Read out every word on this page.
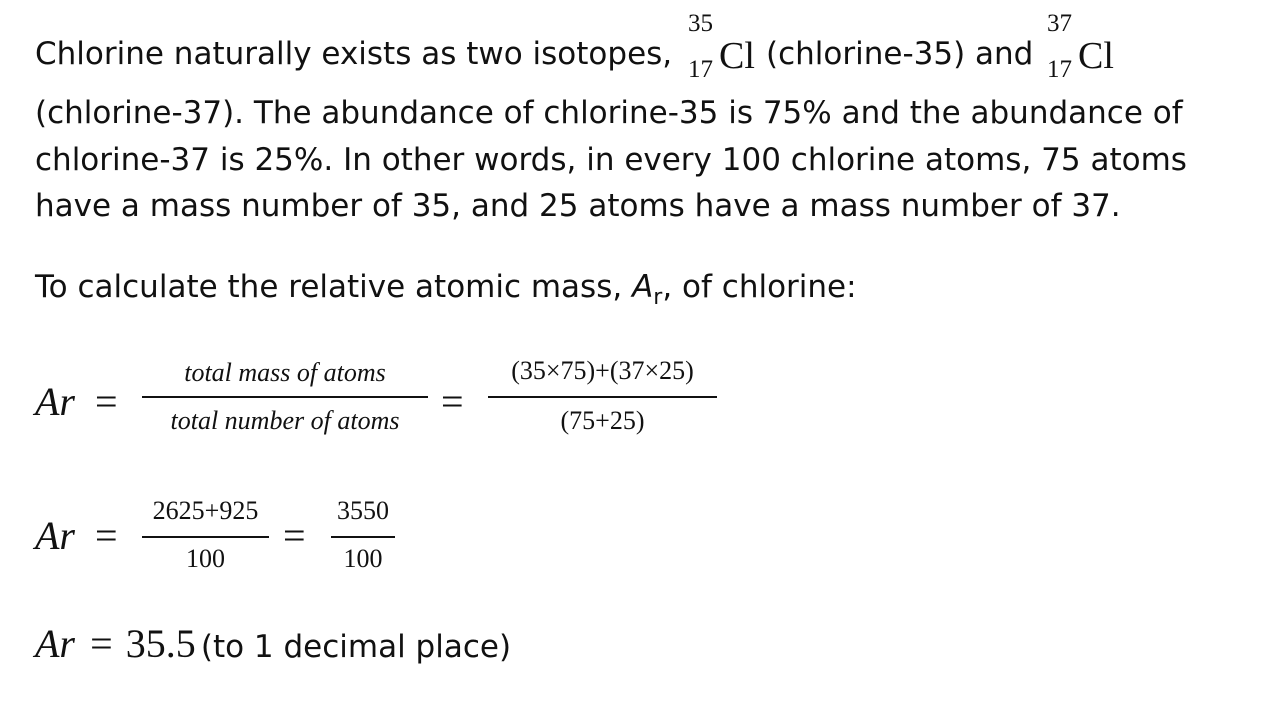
Chlorine naturally exists as two isotopes,
35
17 Cl (chlorine-35) and
37
17 Cl
(chlorine-37). The abundance of chlorine-35 is 75% and the abundance of
chlorine-37 is 25%. In other words, in every 100 chlorine atoms, 75 atoms
have a mass number of 35, and 25 atoms have a mass number of 37.
To calculate the relative atomic mass, $A_r$, of chlorine:
Ar =
total mass of atoms
total number of atoms	=
(35×75)+(37×25)
(75+25)
Ar =
2625+925
100
=
3550
100
Ar = 35.5 (to 1 decimal place)
